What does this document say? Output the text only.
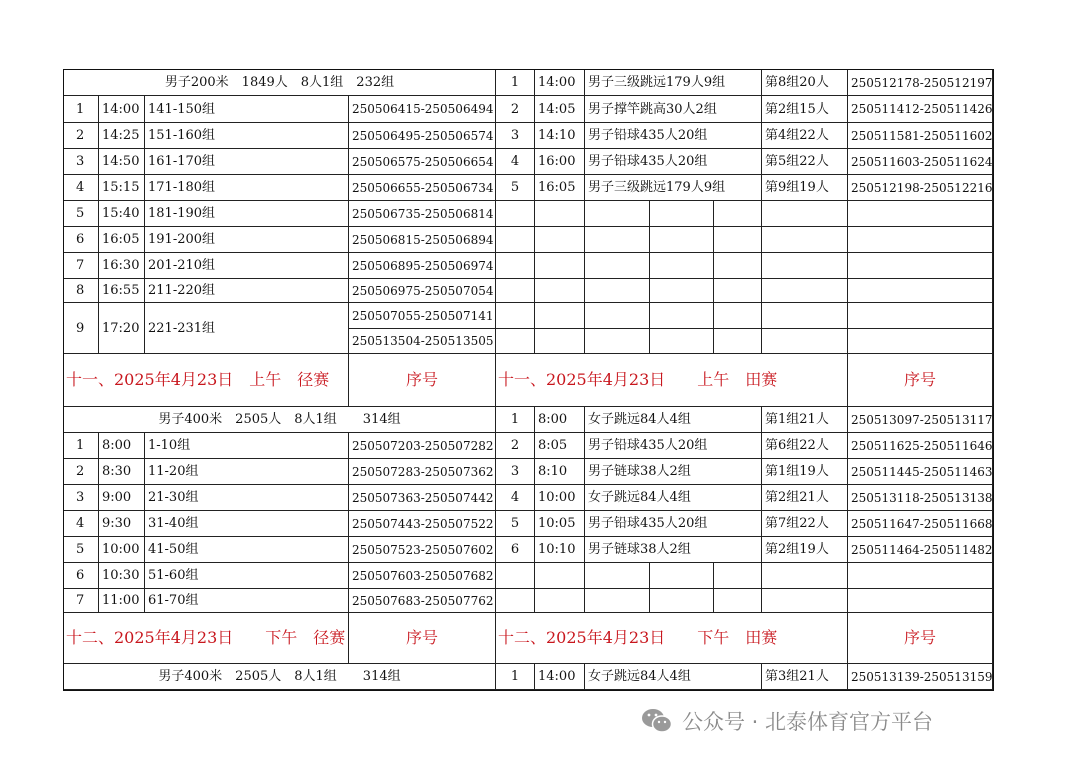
男子200米　1849人　8人1组　232组
1	14:00 141-150组	250506415-250506494
2	14:25 151-160组	250506495-250506574
3	14:50 161-170组	250506575-250506654
4	15:15 171-180组	250506655-250506734
5	15:40 181-190组	250506735-250506814
6	16:05 191-200组	250506815-250506894
7	16:30 201-210组	250506895-250506974
8	16:55 211-220组	250506975-250507054
9	17:20 221-231组
250507055-250507141
250513504-250513505
十一、2025年4月23日　上午　径赛	序号
男子400米　2505人　8人1组　　314组
1	8:00	1-10组	250507203-250507282
2	8:30	11-20组	250507283-250507362
3	9:00	21-30组	250507363-250507442
4	9:30	31-40组	250507443-250507522
5	10:00 41-50组	250507523-250507602
6	10:30 51-60组	250507603-250507682
7	11:00 61-70组	250507683-250507762
十二、2025年4月23日　　下午　径赛	序号
男子400米　2505人　8人1组　　314组
1	14:00 男子三级跳远179人9组	第8组20人	250512178-250512197
2	14:05 男子撑竿跳高30人2组	第2组15人	250511412-250511426
3	14:10 男子铅球435人20组	第4组22人	250511581-250511602
4	16:00 男子铅球435人20组	第5组22人	250511603-250511624
5	16:05 男子三级跳远179人9组	第9组19人	250512198-250512216
十一、2025年4月23日　　上午　田赛	序号
1	8:00	女子跳远84人4组	第1组21人	250513097-250513117
2	8:05	男子铅球435人20组	第6组22人	250511625-250511646
3	8:10	男子链球38人2组	第1组19人	250511445-250511463
4	10:00 女子跳远84人4组	第2组21人	250513118-250513138
5	10:05 男子铅球435人20组	第7组22人	250511647-250511668
6	10:10 男子链球38人2组	第2组19人	250511464-250511482
十二、2025年4月23日　　下午　田赛	序号
1	14:00 女子跳远84人4组	第3组21人	250513139-250513159
公众号 · 北泰体育官方平台
